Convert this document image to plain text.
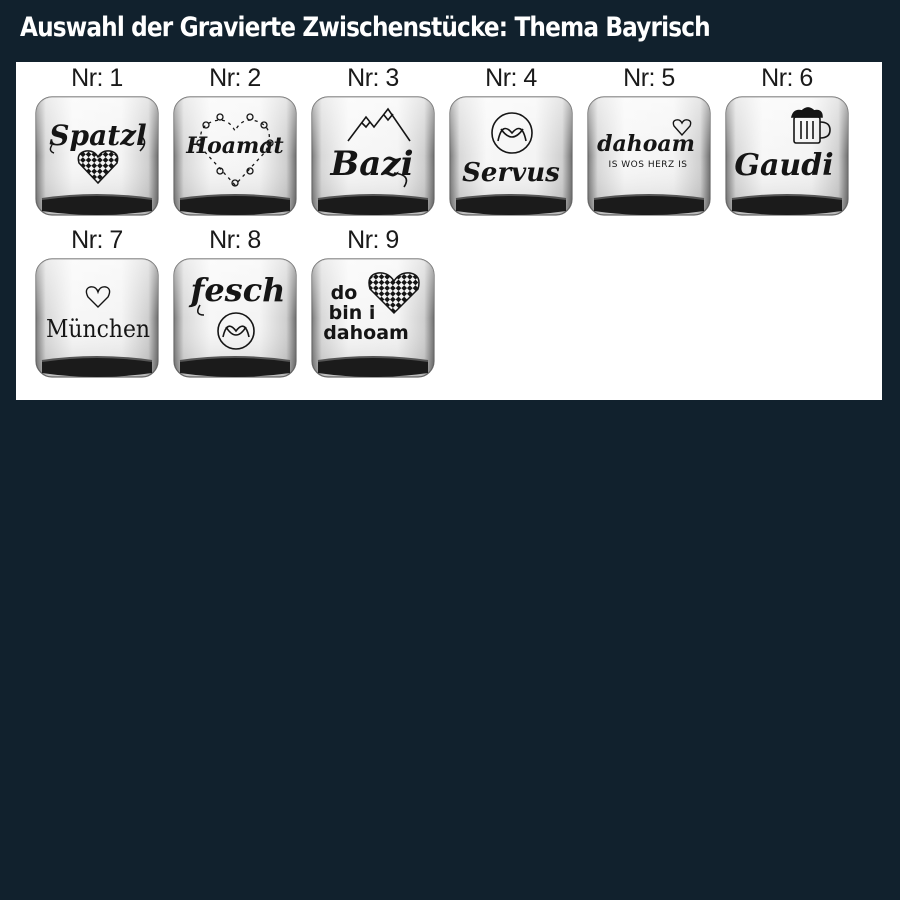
Auswahl der Gravierte Zwischenstücke: Thema Bayrisch
Nr: 1
Spatzl
Nr: 2
Hoamat
Nr: 3
Bazi
Nr: 4
Servus
Nr: 5
dahoam
IS WOS HERZ IS
Nr: 6
Gaudi
Nr: 7
München
Nr: 8
fesch
Nr: 9
do
bin i
dahoam
